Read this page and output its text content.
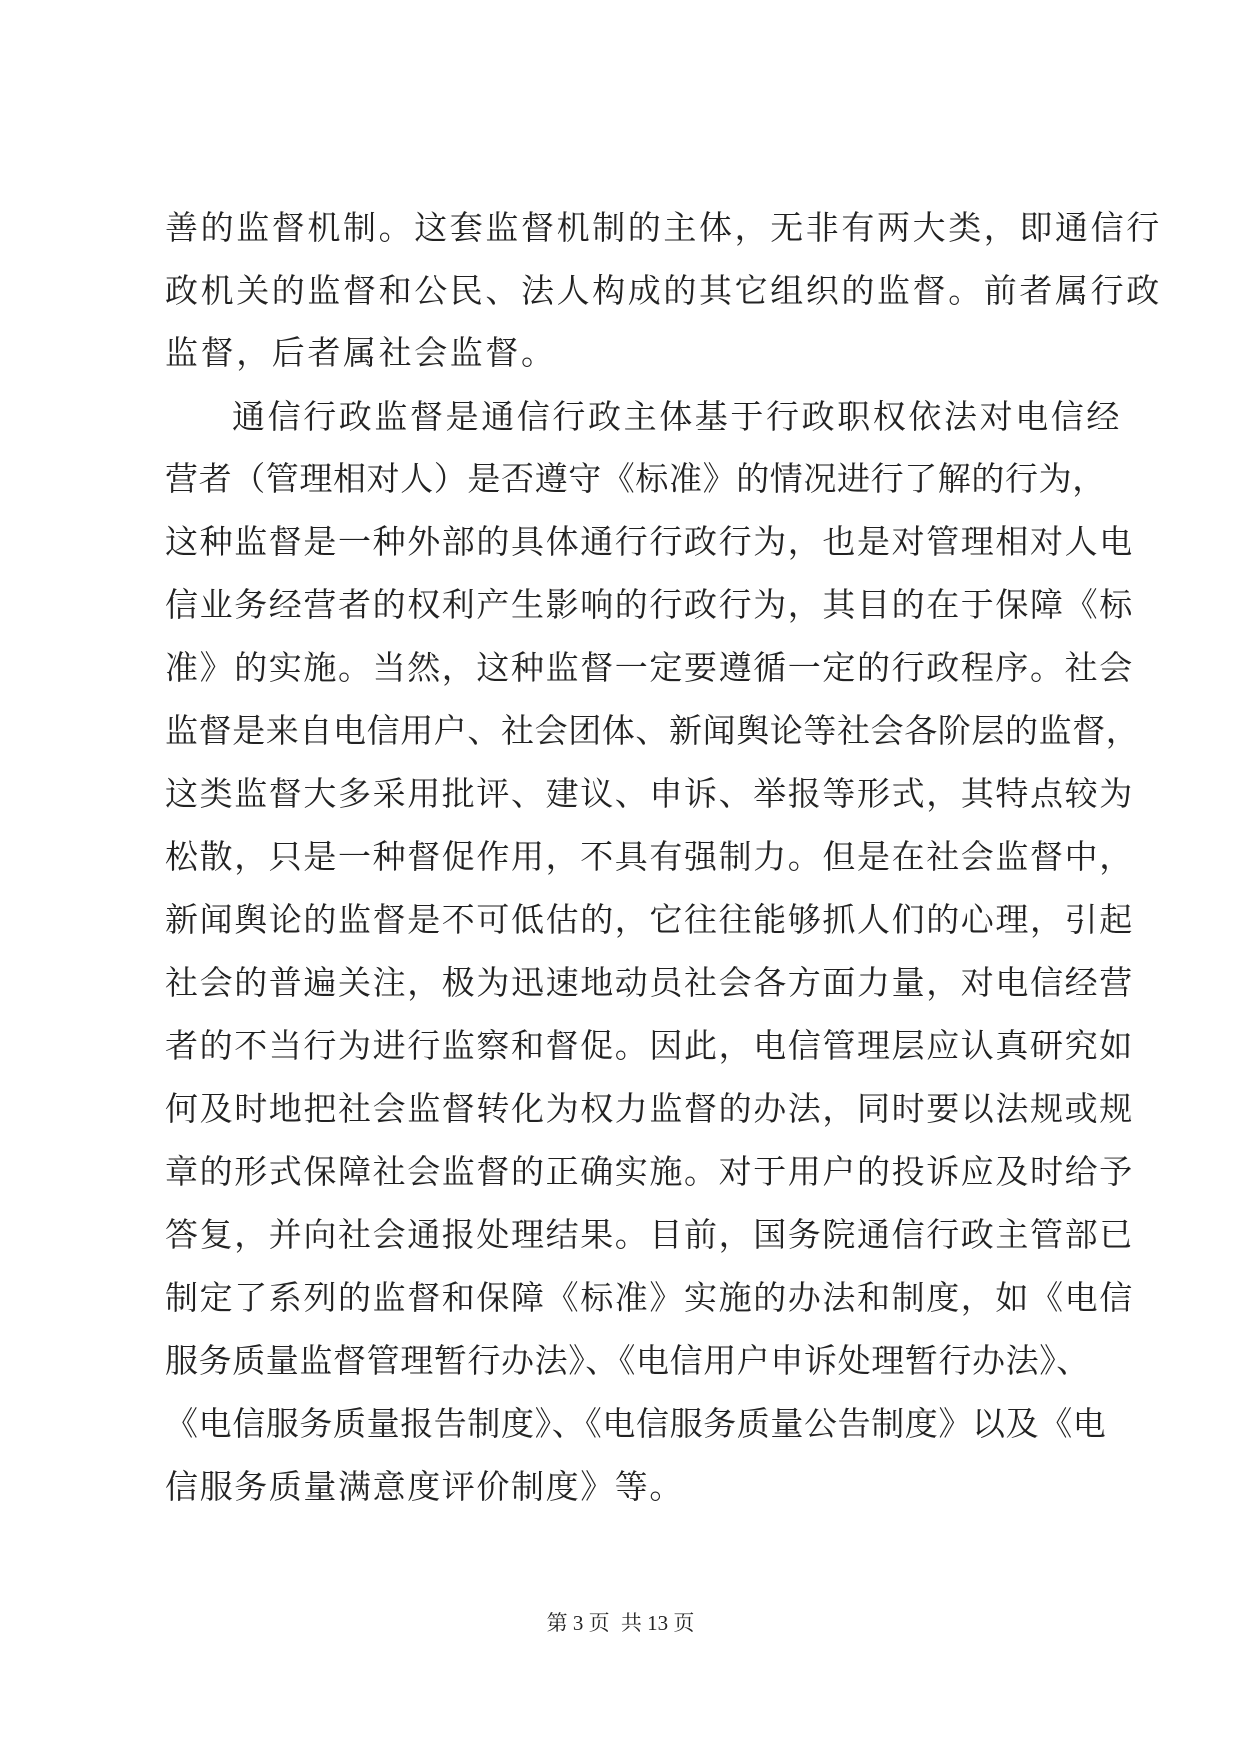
善的监督机制。这套监督机制的主体，无非有两大类，即通信行
政机关的监督和公民、法人构成的其它组织的监督。前者属行政
监督，后者属社会监督。
通信行政监督是通信行政主体基于行政职权依法对电信经
营者（管理相对人）是否遵守《标准》的情况进行了解的行为，
这种监督是一种外部的具体通行行政行为，也是对管理相对人电
信业务经营者的权利产生影响的行政行为，其目的在于保障《标
准》的实施。当然，这种监督一定要遵循一定的行政程序。社会
监督是来自电信用户、社会团体、新闻舆论等社会各阶层的监督，
这类监督大多采用批评、建议、申诉、举报等形式，其特点较为
松散，只是一种督促作用，不具有强制力。但是在社会监督中，
新闻舆论的监督是不可低估的，它往往能够抓人们的心理，引起
社会的普遍关注，极为迅速地动员社会各方面力量，对电信经营
者的不当行为进行监察和督促。因此，电信管理层应认真研究如
何及时地把社会监督转化为权力监督的办法，同时要以法规或规
章的形式保障社会监督的正确实施。对于用户的投诉应及时给予
答复，并向社会通报处理结果。目前，国务院通信行政主管部已
制定了系列的监督和保障《标准》实施的办法和制度，如《电信
服务质量监督管理暂行办法》、《电信用户申诉处理暂行办法》、
《电信服务质量报告制度》、《电信服务质量公告制度》以及《电
信服务质量满意度评价制度》等。
第 3 页 共 13 页
